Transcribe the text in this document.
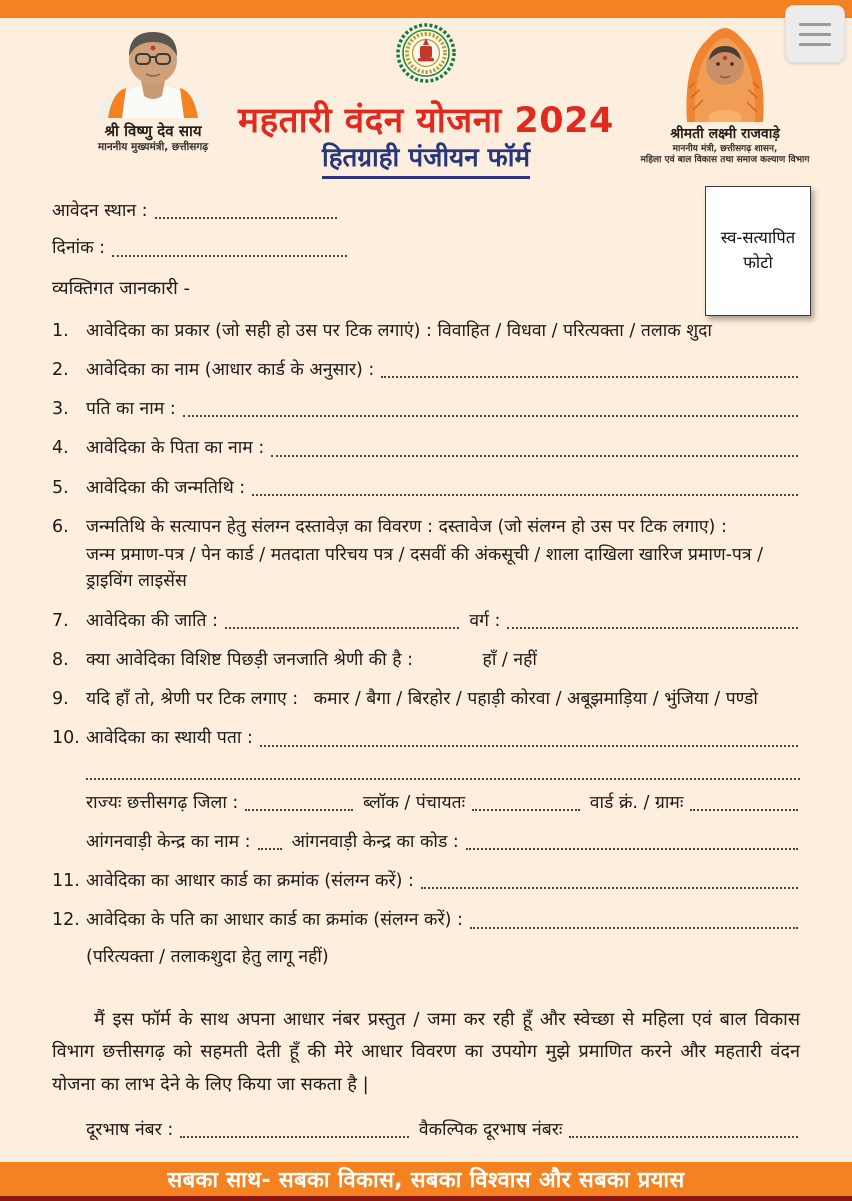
श्री विष्णु देव साय
माननीय मुख्यमंत्री, छत्तीसगढ़
महतारी वंदन योजना 2024
हितग्राही पंजीयन फॉर्म
श्रीमती लक्ष्मी राजवाड़े
माननीय मंत्री, छत्तीसगढ़ शासन,
महिला एवं बाल विकास तथा समाज कल्याण विभाग
स्व-सत्यापित
फोटो
आवेदन स्थान :
दिनांक :
व्यक्तिगत जानकारी -
1. आवेदिका का प्रकार (जो सही हो उस पर टिक लगाएं) : विवाहित / विधवा / परित्यक्ता / तलाक शुदा
2. आवेदिका का नाम (आधार कार्ड के अनुसार) :
3. पति का नाम :
4. आवेदिका के पिता का नाम :
5. आवेदिका की जन्मतिथि :
6. जन्मतिथि के सत्यापन हेतु संलग्न दस्तावेज़ का विवरण : दस्तावेज (जो संलग्न हो उस पर टिक लगाए) :
जन्म प्रमाण-पत्र / पेन कार्ड / मतदाता परिचय पत्र / दसवीं की अंकसूची / शाला दाखिला खारिज प्रमाण-पत्र / ड्राइविंग लाइसेंस
7. आवेदिका की जाति :	वर्ग :
8. क्या आवेदिका विशिष्ट पिछड़ी जनजाति श्रेणी की है :	हाँ / नहीं
9. यदि हाँ तो, श्रेणी पर टिक लगाए : कमार / बैगा / बिरहोर / पहाड़ी कोरवा / अबूझमाड़िया / भुंजिया / पण्डो
10. आवेदिका का स्थायी पता :
राज्यः छत्तीसगढ़ जिला :	ब्लॉक / पंचायतः	वार्ड क्रं. / ग्रामः
आंगनवाड़ी केन्द्र का नाम : आंगनवाड़ी केन्द्र का कोड :
11. आवेदिका का आधार कार्ड का क्रमांक (संलग्न करें) :
12. आवेदिका के पति का आधार कार्ड का क्रमांक (संलग्न करें) :
(परित्यक्ता / तलाकशुदा हेतु लागू नहीं)
मैं इस फॉर्म के साथ अपना आधार नंबर प्रस्तुत / जमा कर रही हूँ और स्वेच्छा से महिला एवं बाल विकास विभाग छत्तीसगढ़ को सहमती देती हूँ की मेरे आधार विवरण का उपयोग मुझे प्रमाणित करने और महतारी वंदन योजना का लाभ देने के लिए किया जा सकता है |
दूरभाष नंबर :	वैकल्पिक दूरभाष नंबरः
सबका साथ- सबका विकास, सबका विश्वास और सबका प्रयास
